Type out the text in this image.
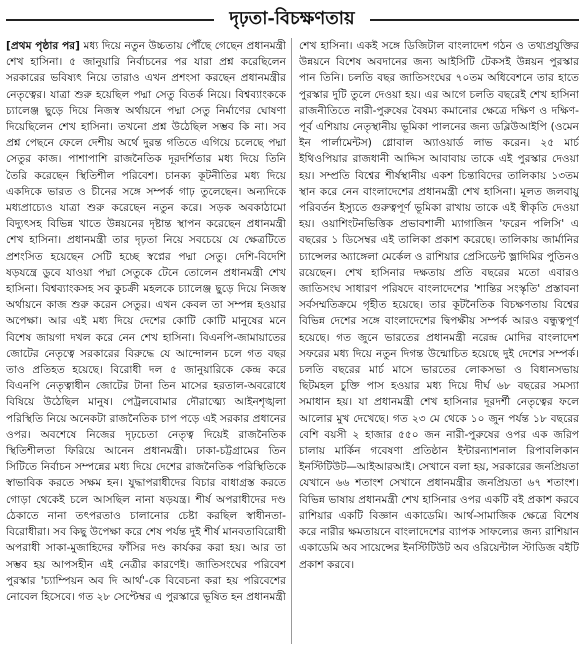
দৃঢ়তা-বিচক্ষণতায়

[প্রথম পৃষ্ঠার পর] মধ্য দিয়ে নতুন উচ্চতায় পৌঁছে গেছেন প্রধানমন্ত্রী শেখ হাসিনা। ৫ জানুয়ারি নির্বাচনের পর যারা প্রশ্ন করেছিলেন সরকারের ভবিষ্যৎ নিয়ে তারাও এখন প্রশংসা করছেন প্রধানমন্ত্রীর নেতৃত্বের। যাত্রা শুরু হয়েছিল পদ্মা সেতু বিতর্ক নিয়ে। বিশ্বব্যাংককে চ্যালেঞ্জ ছুড়ে দিয়ে নিজস্ব অর্থায়নে পদ্মা সেতু নির্মাণের ঘোষণা দিয়েছিলেন শেখ হাসিনা। তখনো প্রশ্ন উঠেছিল সম্ভব কি না। সব প্রশ্ন পেছনে ফেলে দেশীয় অর্থে দুরন্ত গতিতে এগিয়ে চলেছে পদ্মা সেতুর কাজ। পাশাপাশি রাজনৈতিক দূরদর্শিতার মধ্য দিয়ে তিনি তৈরি করেছেন স্থিতিশীল পরিবেশ। চানক্য কূটনীতির মধ্য দিয়ে একদিকে ভারত ও চীনের সঙ্গে সম্পর্ক গাঢ় তুলেছেন। অন্যদিকে মধ্যপ্রাচ্যেও যাত্রা শুরু করেছেন নতুন করে। সড়ক অবকাঠামো বিদ্যুৎসহ বিভিন্ন খাতে উন্নয়নের দৃষ্টান্ত স্থাপন করেছেন প্রধানমন্ত্রী শেখ হাসিনা। প্রধানমন্ত্রী তার দৃঢ়তা নিয়ে সবচেয়ে যে ক্ষেত্রটিতে প্রশংসিত হয়েছেন সেটি হচ্ছে স্বপ্নের পদ্মা সেতু। দেশি-বিদেশি ষড়যন্ত্রে ডুবে যাওয়া পদ্মা সেতুকে টেনে তোলেন প্রধানমন্ত্রী শেখ হাসিনা। বিশ্বব্যাংকসহ সব কুচক্রী মহলকে চ্যালেঞ্জ ছুড়ে দিয়ে নিজস্ব অর্থায়নে কাজ শুরু করেন সেতুর। এখন কেবল তা সম্পন্ন হওয়ার অপেক্ষা। আর এই মধ্য দিয়ে দেশের কোটি কোটি মানুষের মনে বিশেষ জায়গা দখল করে নেন শেখ হাসিনা। বিএনপি-জামায়াতের জোটের নেতৃত্বে সরকারের বিরুদ্ধে যে আন্দোলন চলে গত বছর তাও প্রতিহত হয়েছে। বিরোধী দল ৫ জানুয়ারিকে কেন্দ্র করে বিএনপি নেতৃত্বাধীন জোটের টানা তিন মাসের হরতাল-অবরোধে বিষিয়ে উঠেছিল মানুষ। পেট্রলবোমার দৌরাত্ম্যে আইনশৃঙ্খলা পরিস্থিতি নিয়ে অনেকটা রাজনৈতিক চাপ পড়ে এই সরকার প্রধানের ওপর। অবশেষে নিজের দৃঢ়চেতা নেতৃত্ব দিয়েই রাজনৈতিক স্থিতিশীলতা ফিরিয়ে আনেন প্রধানমন্ত্রী। ঢাকা-চট্টগ্রামের তিন সিটিতে নির্বাচন সম্পন্নের মধ্য দিয়ে দেশের রাজনৈতিক পরিস্থিতিকে স্বাভাবিক করতে সক্ষম হন। যুদ্ধাপরাধীদের বিচার বাধাগ্রস্ত করতে গোড়া থেকেই চলে আসছিল নানা ষড়যন্ত্র। শীর্ষ অপরাধীদের দণ্ড ঠেকাতে নানা তৎপরতাও চালানোর চেষ্টা করছিল স্বাধীনতা-বিরোধীরা। সব কিছু উপেক্ষা করে শেষ পর্যন্ত দুই শীর্ষ মানবতাবিরোধী অপরাধী সাকা-মুজাহিদের ফাঁসির দণ্ড কার্যকর করা হয়। আর তা সম্ভব হয় আপসহীন এই নেত্রীর কারণেই। জাতিসংঘের পরিবেশ পুরস্কার 'চ্যাম্পিয়ন অব দি আর্থ'-কে বিবেচনা করা হয় পরিবেশের নোবেল হিসেবে। গত ২৮ সেপ্টেম্বর এ পুরস্কারে ভূষিত হন প্রধানমন্ত্রী

শেখ হাসিনা। একই সঙ্গে ডিজিটাল বাংলাদেশ গঠন ও তথ্যপ্রযুক্তির উন্নয়নে বিশেষ অবদানের জন্য আইসিটি টেকসই উন্নয়ন পুরস্কার পান তিনি। চলতি বছর জাতিসংঘের ৭০তম অধিবেশনে তার হাতে পুরস্কার দুটি তুলে দেওয়া হয়। এর আগে চলতি বছরেই শেখ হাসিনা রাজনীতিতে নারী-পুরুষের বৈষম্য কমানোর ক্ষেত্রে দক্ষিণ ও দক্ষিণ-পূর্ব এশিয়ায় নেতৃস্থানীয় ভূমিকা পালনের জন্য ডব্লিউআইপি (ওমেন ইন পার্লামেন্টস) গ্লোবাল অ্যাওয়ার্ড লাভ করেন। ২৫ মার্চ ইথিওপিয়ার রাজধানী আদ্দিস আবাবায় তাকে এই পুরস্কার দেওয়া হয়। সম্প্রতি বিশ্বের শীর্ষস্থানীয় একশ চিন্তাবিদের তালিকায় ১৩তম স্থান করে নেন বাংলাদেশের প্রধানমন্ত্রী শেখ হাসিনা। মূলত জলবায়ু পরিবর্তন ইস্যুতে গুরুত্বপূর্ণ ভূমিকা রাখায় তাকে এই স্বীকৃতি দেওয়া হয়। ওয়াশিংটনভিত্তিক প্রভাবশালী ম্যাগাজিন 'ফরেন পলিসি' এ বছরের ১ ডিসেম্বর এই তালিকা প্রকাশ করেছে। তালিকায় জার্মানির চ্যান্সেলর অ্যাঙ্গেলা মের্কেল ও রাশিয়ার প্রেসিডেন্ট ভ্লাদিমির পুতিনও রয়েছেন। শেখ হাসিনার দক্ষতায় প্রতি বছরের মতো এবারও জাতিসংঘ সাধারণ পরিষদে বাংলাদেশের 'শান্তির সংস্কৃতি' প্রস্তাবনা সর্বসম্মতিক্রমে গৃহীত হয়েছে। তার কূটনৈতিক বিচক্ষণতায় বিশ্বের বিভিন্ন দেশের সঙ্গে বাংলাদেশের দ্বিপক্ষীয় সম্পর্ক আরও বন্ধুত্বপূর্ণ হয়েছে। গত জুনে ভারতের প্রধানমন্ত্রী নরেন্দ্র মোদির বাংলাদেশ সফরের মধ্য দিয়ে নতুন দিগন্ত উন্মোচিত হয়েছে দুই দেশের সম্পর্ক। চলতি বছরের মার্চ মাসে ভারতের লোকসভা ও বিধানসভায় ছিটমহল চুক্তি পাস হওয়ার মধ্য দিয়ে দীর্ঘ ৬৮ বছরের সমস্যা সমাধান হয়। যা প্রধানমন্ত্রী শেখ হাসিনার দূরদর্শী নেতৃত্বের ফলে আলোর মুখ দেখেছে। গত ২৩ মে থেকে ১০ জুন পর্যন্ত ১৮ বছরের বেশি বয়সী ২ হাজার ৫৫০ জন নারী-পুরুষের ওপর এক জরিপ চালায় মার্কিন গবেষণা প্রতিষ্ঠান ইন্টারন্যাশনাল রিপাবলিকান ইনস্টিটিউট—আইআরআই। সেখানে বলা হয়, সরকারের জনপ্রিয়তা যেখানে ৬৬ শতাংশ সেখানে প্রধানমন্ত্রীর জনপ্রিয়তা ৬৭ শতাংশ। বিভিন্ন ভাষায় প্রধানমন্ত্রী শেখ হাসিনার ওপর একটি বই প্রকাশ করবে রাশিয়ার একটি বিজ্ঞান একাডেমি। আর্থ-সামাজিক ক্ষেত্রে বিশেষ করে নারীর ক্ষমতায়নে বাংলাদেশের ব্যাপক সাফল্যের জন্য রাশিয়ান একাডেমি অব সায়েন্সের ইনস্টিটিউট অব ওরিয়েন্টাল স্টাডিজ বইটি প্রকাশ করবে।
